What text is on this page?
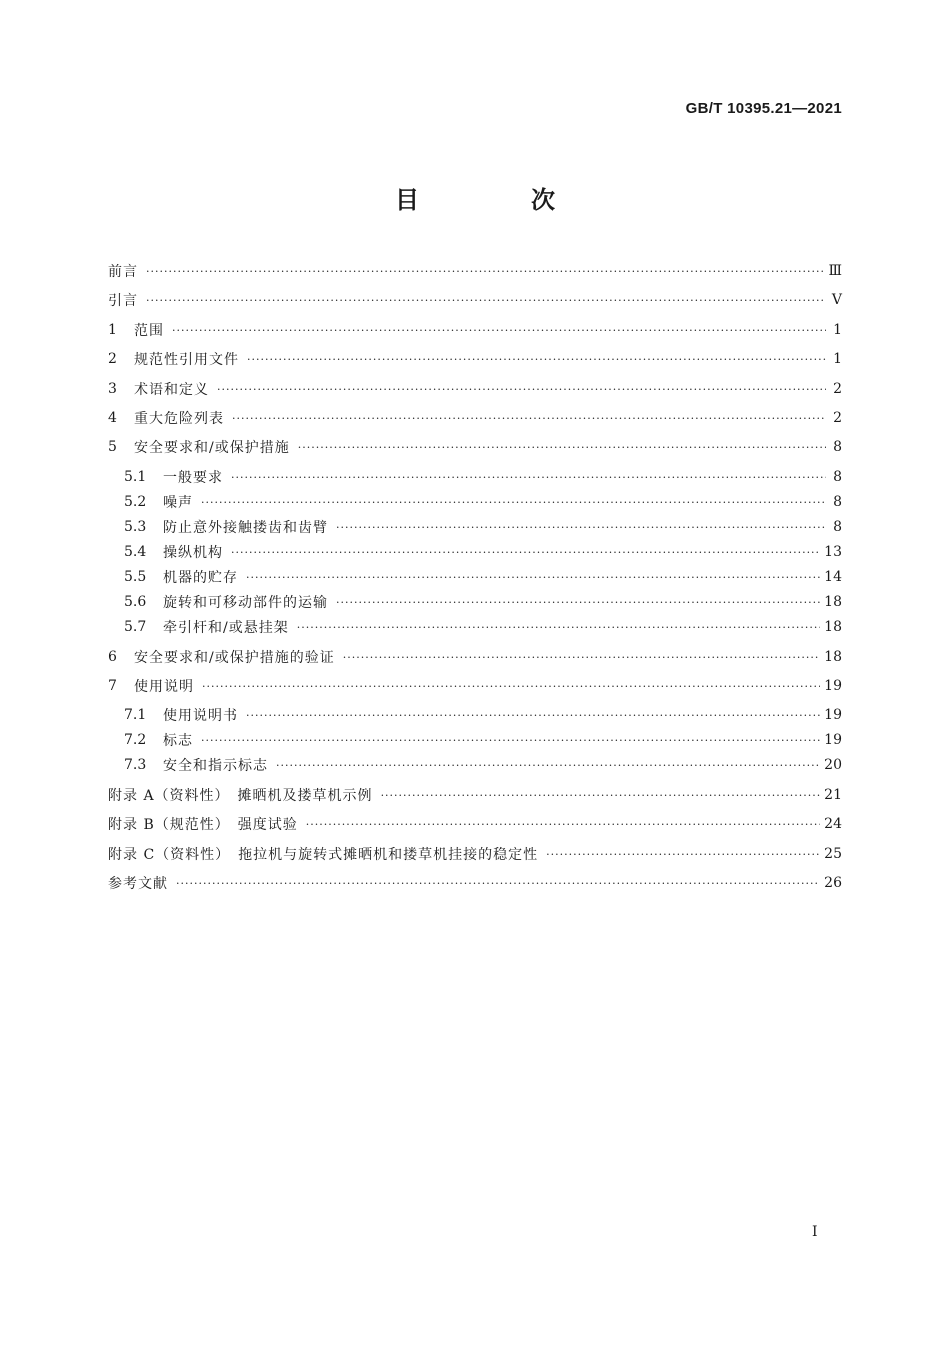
GB/T 10395.21—2021
目　次
前言 ·····	Ⅲ
引言 ·····	Ⅴ
1	范围 ·····	1
2	规范性引用文件 ·····	1
3	术语和定义 ·····	2
4	重大危险列表 ·····	2
5	安全要求和/或保护措施 ·····	8
5.1	一般要求 ·····	8
5.2	噪声 ·····	8
5.3	防止意外接触搂齿和齿臂 ·····	8
5.4	操纵机构 ·····	13
5.5	机器的贮存 ·····	14
5.6	旋转和可移动部件的运输 ·····	18
5.7	牵引杆和/或悬挂架 ·····	18
6	安全要求和/或保护措施的验证 ·····	18
7	使用说明 ·····	19
7.1	使用说明书 ·····	19
7.2	标志 ·····	19
7.3	安全和指示标志 ·····	20
附录 A（资料性）　摊晒机及搂草机示例 ·····	21
附录 B（规范性）　强度试验 ·····	24
附录 C（资料性）　拖拉机与旋转式摊晒机和搂草机挂接的稳定性 ·····	25
参考文献 ·····	26
Ⅰ
